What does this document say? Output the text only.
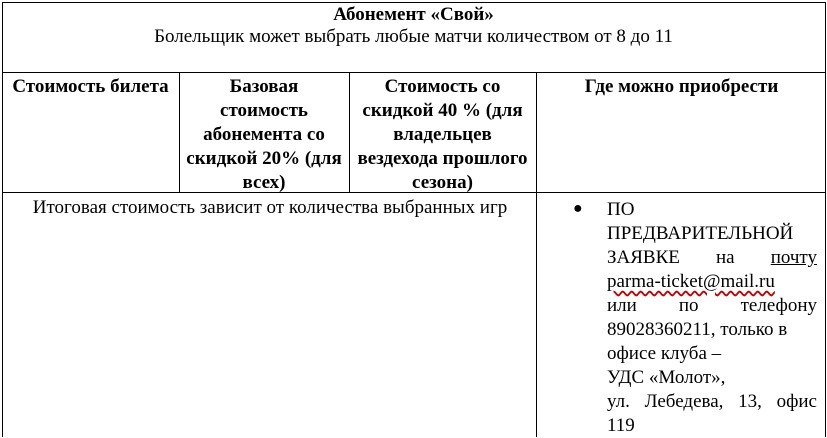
Абонемент «Свой»
Болельщик может выбрать любые матчи количеством от 8 до 11
Стоимость билета	Базовая стоимость абонемента со скидкой 20% (для всех)
Стоимость со скидкой 40 % (для владельцев вездехода прошлого сезона)
Где можно приобрести
Итоговая стоимость зависит от количества выбранных игр	● ПО
ПРЕДВАРИТЕЛЬНОЙ
ЗАЯВКЕ на почту
parma-ticket@mail.ru
или по телефону
89028360211, только в
офисе клуба –
УДС «Молот»,
ул. Лебедева, 13, офис
119
